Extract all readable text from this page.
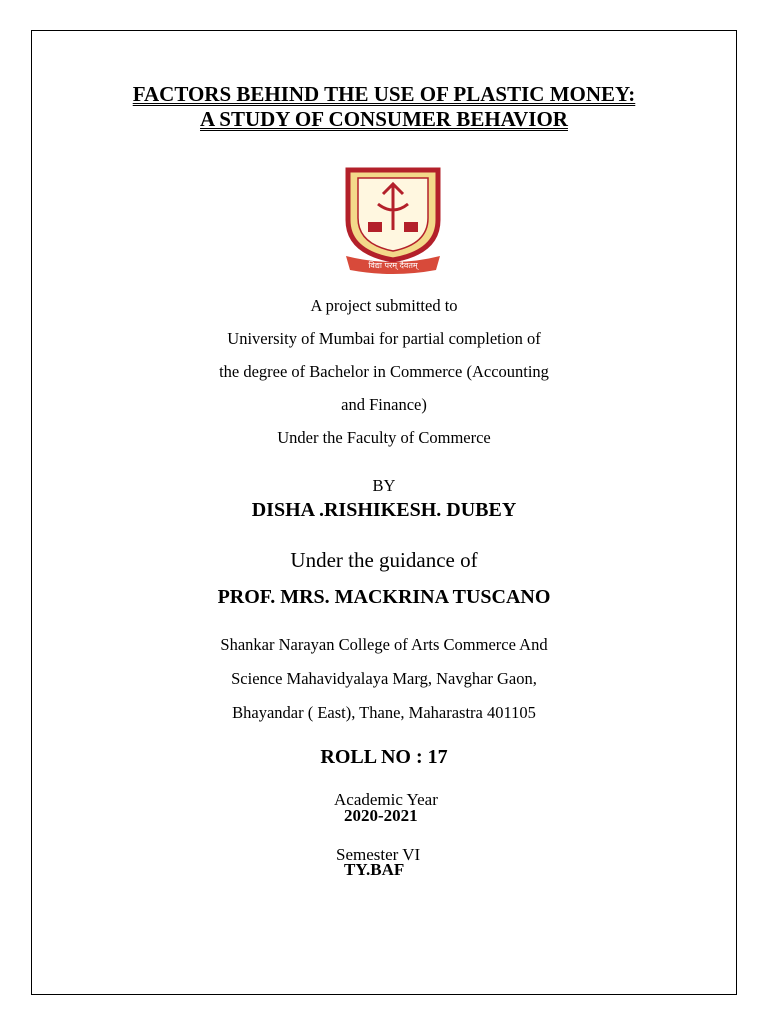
FACTORS BEHIND THE USE OF PLASTIC MONEY:
A STUDY OF CONSUMER BEHAVIOR
विद्या परम् दैवतम्
A project submitted to
University of Mumbai for partial completion of
the degree of Bachelor in Commerce (Accounting
and Finance)
Under the Faculty of Commerce
BY
DISHA .RISHIKESH. DUBEY
Under the guidance of
PROF. MRS. MACKRINA TUSCANO
Shankar Narayan College of Arts Commerce And
Science Mahavidyalaya Marg, Navghar Gaon,
Bhayandar ( East), Thane, Maharastra 401105
ROLL NO : 17
Academic Year
2020-2021
Semester VI
TY.BAF
